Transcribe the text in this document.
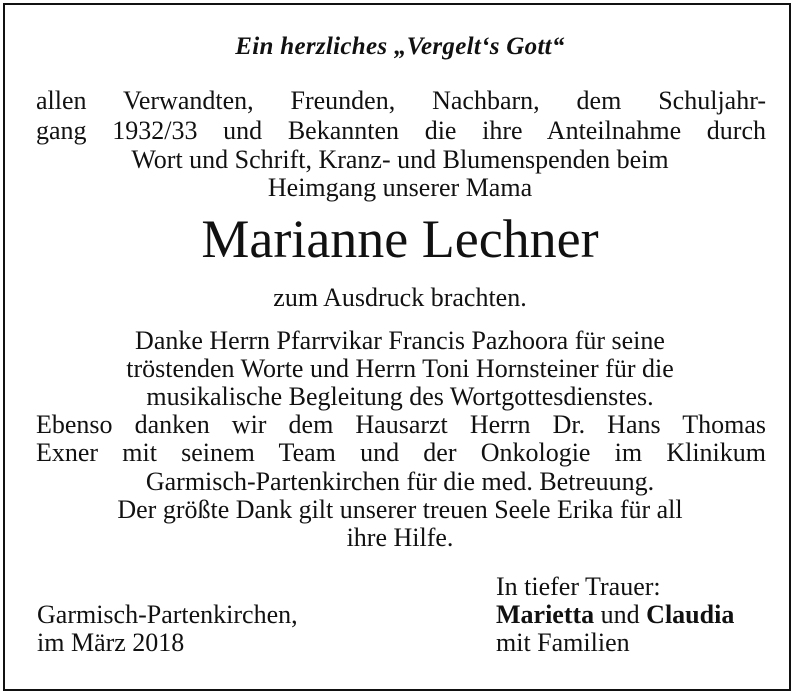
Ein herzliches „Vergelt‘s Gott“
allen Verwandten, Freunden, Nachbarn, dem Schuljahr-
gang 1932/33 und Bekannten die ihre Anteilnahme durch
Wort und Schrift, Kranz- und Blumenspenden beim
Heimgang unserer Mama
Marianne Lechner
zum Ausdruck brachten.
Danke Herrn Pfarrvikar Francis Pazhoora für seine
tröstenden Worte und Herrn Toni Hornsteiner für die
musikalische Begleitung des Wortgottesdienstes.
Ebenso danken wir dem Hausarzt Herrn Dr. Hans Thomas
Exner mit seinem Team und der Onkologie im Klinikum
Garmisch-Partenkirchen für die med. Betreuung.
Der größte Dank gilt unserer treuen Seele Erika für all
ihre Hilfe.
Garmisch-Partenkirchen,
im März 2018
In tiefer Trauer:
Marietta und Claudia
mit Familien
